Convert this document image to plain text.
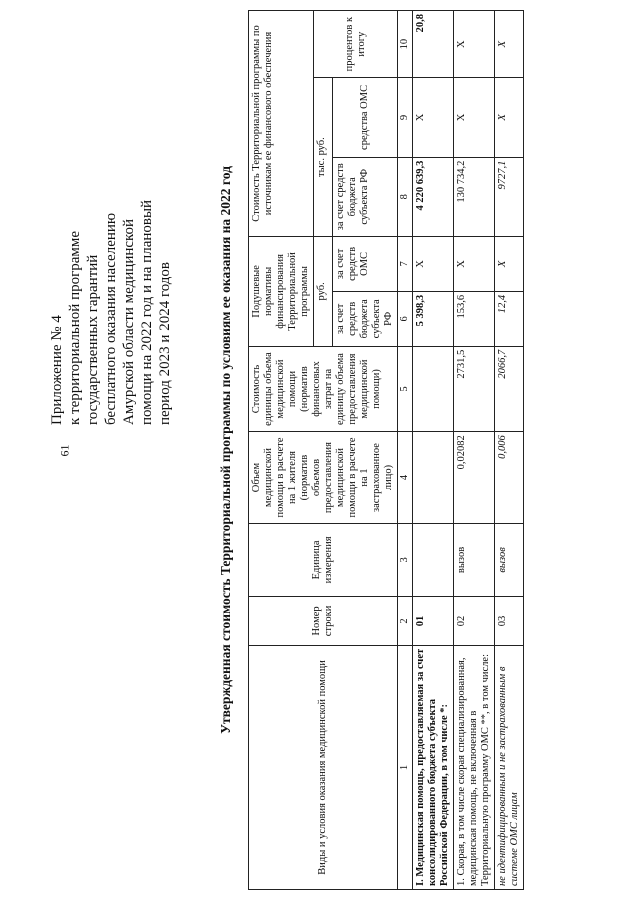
61
Приложение № 4 к территориальной программе государственных гарантий бесплатного оказания населению Амурской области медицинской помощи на 2022 год и на плановый период 2023 и 2024 годов	Утвержденная стоимость Территориальной программы по условиям ее оказания на 2022 год
Виды и условия оказания медицинской помощи	Номер строки	Единица измерения	Объем медицинской помощи в расчете на 1 жителя (норматив объемов предоставления медицинской помощи в расчете на 1 застрахованное лицо)	Стоимость единицы объема медицинской помощи (норматив финансовых затрат на единицу объема предоставления медицинской помощи)	Подушевые нормативы финансирования Территориальной программы		Стоимость Территориальной программы по источникам ее финансового обеспечения		
					руб.		тыс. руб.		процентов к итогу
					за счет средств бюджета субъекта РФ	за счет средств ОМС	за счет средств бюджета субъекта РФ	средства ОМС	
1	2	3	4	5	6	7	8	9	10
I. Медицинская помощь, предоставляемая за счет консолидированного бюджета субъекта Российской Федерации, в том числе *:	01				5 398,3	X	4 220 639,3	X	20,8
1. Скорая, в том числе скорая специализированная, медицинская помощь, не включенная в Территориальную программу ОМС **, в том числе:	02	вызов	0,02082	2731,5	153,6	X	130 734,2	X	X
не идентифицированным и не застрахованным в системе ОМС лицам	03	вызов	0,006	2066,7	12,4	X	9727,1	X	X
